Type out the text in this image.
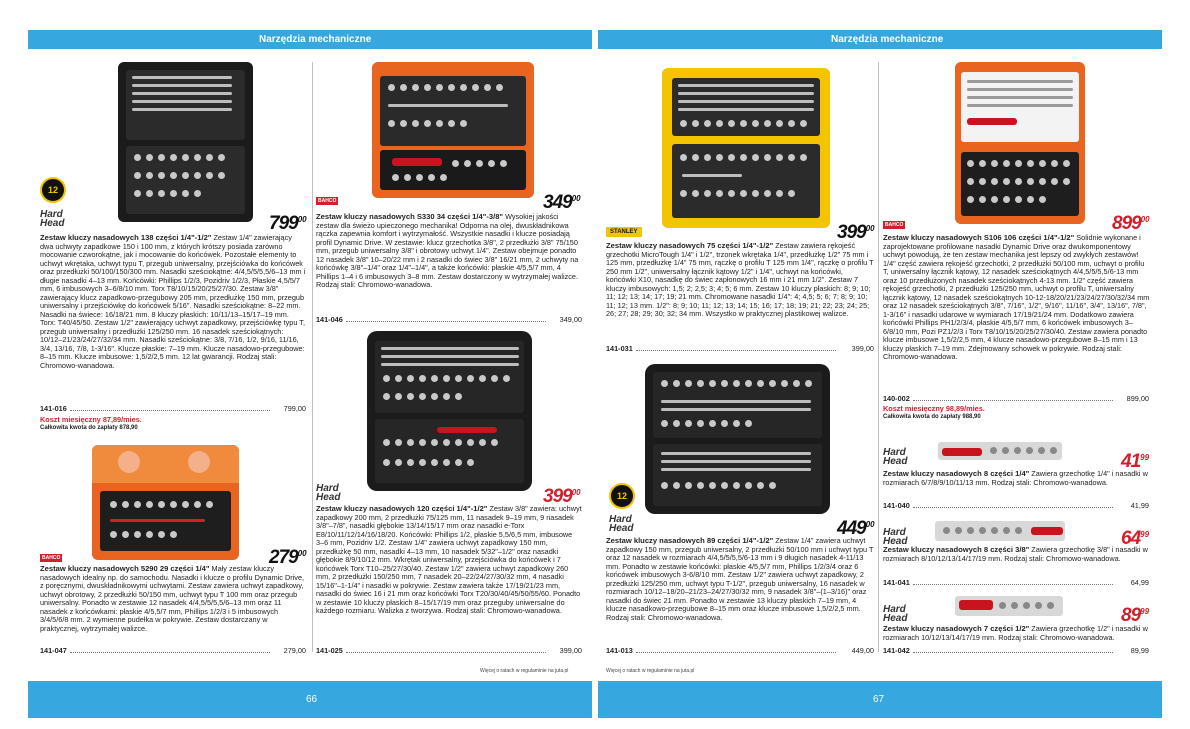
Narzędzia mechaniczne	Narzędzia mechaniczne
12
Hard Head	$799^{00}$
Zestaw kluczy nasadowych 138 części 1/4"-1/2" Zestaw 1/4" zawierający dwa uchwyty zapadkowe 150 i 100 mm, z których krótszy posiada zarówno mocowanie czworokątne, jak i mocowanie do końcówek. Pozostałe elementy to uchwyt wkrętaka, uchwyt typu T, przegub uniwersalny, przejściówka do końcówek oraz przedłużki 50/100/150/300 mm. Nasadki sześciokątne: 4/4,5/5/5,5/6–13 mm i długie nasadki 4–13 mm. Końcówki: Phillips 1/2/3, Pozidriv 1/2/3, Płaskie 4,5/5/7 mm, 6 imbusowych 3–6/8/10 mm. Torx T8/10/15/20/25/27/30. Zestaw 3/8" zawierający klucz zapadkowo-przegubowy 205 mm, przedłużkę 150 mm, przegub uniwersalny i przejściówkę do końcówek 5/16". Nasadki sześciokątne: 8–22 mm. Nasadki na świece: 16/18/21 mm. 8 kluczy płaskich: 10/11/13–15/17–19 mm. Torx: T40/45/50. Zestaw 1/2" zawierający uchwyt zapadkowy, przejściówkę typu T, przegub uniwersalny i przedłużki 125/250 mm. 16 nasadek sześciokątnych: 10/12–21/23/24/27/32/34 mm. Nasadki sześciokątne: 3/8, 7/16, 1/2, 9/16, 11/16, 3/4, 13/16, 7/8, 1-3/16". Klucze płaskie: 7–19 mm. Klucze nasadowo-przegubowe: 8–15 mm. Klucze imbusowe: 1,5/2/2,5 mm. 12 lat gwarancji. Rodzaj stali: Chromowo-wanadowa.
141-016	799,00
Koszt miesięczny 87,89/mies.
Całkowita kwota do zapłaty 878,90
BAHCO	$279^{00}$
Zestaw kluczy nasadowych 5290 29 części 1/4" Mały zestaw kluczy nasadowych idealny np. do samochodu. Nasadki i klucze o profilu Dynamic Drive, z poręcznymi, dwuskładnikowymi uchwytami. Zestaw zawiera uchwyt zapadkowy, uchwyt obrotowy, 2 przedłużki 50/150 mm, uchwyt typu T 100 mm oraz przegub uniwersalny. Ponadto w zestawie 12 nasadek 4/4,5/5/5,5/6–13 mm oraz 11 nasadek z końcówkami: płaskie 4/5,5/7 mm, Phillips 1/2/3 i 5 imbusowych 3/4/5/6/8 mm. 2 wymienne pudełka w pokrywie. Zestaw dostarczany w praktycznej, wytrzymałej walizce.
141-047	279,00
BAHCO	$349^{00}$
Zestaw kluczy nasadowych S330 34 części 1/4"-3/8" Wysokiej jakości zestaw dla świeżo upieczonego mechanika! Odporna na olej, dwuskładnikowa rączka zapewnia komfort i wytrzymałość. Wszystkie nasadki i klucze posiadają profil Dynamic Drive. W zestawie: klucz grzechotka 3/8", 2 przedłużki 3/8" 75/150 mm, przegub uniwersalny 3/8" i obrotowy uchwyt 1/4". Zestaw obejmuje ponadto 12 nasadek 3/8" 10–20/22 mm i 2 nasadki do świec 3/8" 16/21 mm, 2 uchwyty na końcówkę 3/8"–1/4" oraz 1/4"–1/4", a także końcówki: płaskie 4/5,5/7 mm, 4 Phillips 1–4 i 6 imbusowych 3–8 mm. Zestaw dostarczony w wytrzymałej walizce. Rodzaj stali: Chromowo-wanadowa.
141-046	349,00
Hard Head	$399^{00}$
Zestaw kluczy nasadowych 120 części 1/4"-1/2" Zestaw 3/8" zawiera: uchwyt zapadkowy 200 mm, 2 przedłużki 75/125 mm, 11 nasadek 9–19 mm, 9 nasadek 3/8"–7/8", nasadki głębokie 13/14/15/17 mm oraz nasadki e-Torx E8/10/11/12/14/16/18/20. Końcówki: Phillips 1/2, płaskie 5,5/6,5 mm, imbusowe 3–6 mm, Pozidriv 1/2. Zestaw 1/4" zawiera uchwyt zapadkowy 150 mm, przedłużkę 50 mm, nasadki 4–13 mm, 10 nasadek 5/32"–1/2" oraz nasadki głębokie 8/9/10/12 mm. Wkrętak uniwersalny, przejściówka do końcówek i 7 końcówek Torx T10–25/27/30/40. Zestaw 1/2" zawiera uchwyt zapadkowy 260 mm, 2 przedłużki 150/250 mm, 7 nasadek 20–22/24/27/30/32 mm, 4 nasadki 15/16"–1-1/4" i nasadki w pokrywie. Zestaw zawiera także 17/19/21/23 mm, nasadki do świec 16 i 21 mm oraz końcówki Torx T20/30/40/45/50/55/60. Ponadto w zestawie 10 kluczy płaskich 8–15/17/19 mm oraz przeguby uniwersalne do każdego rozmiaru. Walizka z tworzywa. Rodzaj stali: Chromowo-wanadowa.
141-025	399,00
Więcej o ratach w regulaminie na juta.pl
STANLEY	$399^{00}$
Zestaw kluczy nasadowych 75 części 1/4"-1/2" Zestaw zawiera rękojeść grzechotki MicroTough 1/4" i 1/2", trzonek wkrętaka 1/4", przedłużkę 1/2" 75 mm i 125 mm, przedłużkę 1/4" 75 mm, rączkę o profilu T 125 mm 1/4", rączkę o profilu T 250 mm 1/2", uniwersalny łącznik kątowy 1/2" i 1/4", uchwyt na końcówki, końcówki X10, nasadkę do świec zapłonowych 16 mm i 21 mm 1/2". Zestaw 7 kluczy imbusowych: 1,5; 2; 2,5; 3; 4; 5; 6 mm. Zestaw 10 kluczy płaskich: 8; 9; 10; 11; 12; 13; 14; 17; 19; 21 mm. Chromowane nasadki 1/4": 4; 4,5; 5; 6; 7; 8; 9; 10; 11; 12; 13 mm. 1/2": 8; 9; 10; 11; 12; 13; 14; 15; 16; 17; 18; 19; 21; 22; 23; 24; 25; 26; 27; 28; 29; 30; 32; 34 mm. Wszystko w praktycznej plastikowej walizce.
141-031	399,00
12
Hard Head	$449^{00}$
Zestaw kluczy nasadowych 89 części 1/4"-1/2" Zestaw 1/4" zawiera uchwyt zapadkowy 150 mm, przegub uniwersalny, 2 przedłużki 50/100 mm i uchwyt typu T oraz 12 nasadek w rozmiarach 4/4,5/5/5,5/6-13 mm i 9 długich nasadek 4-11/13 mm. Ponadto w zestawie końcówki: płaskie 4/5,5/7 mm, Phillips 1/2/3/4 oraz 6 końcówek imbusowych 3-6/8/10 mm. Zestaw 1/2" zawiera uchwyt zapadkowy, 2 przedłużki 125/250 mm, uchwyt typu T-1/2", przegub uniwersalny, 16 nasadek w rozmiarach 10/12–18/20–21/23–24/27/30/32 mm, 9 nasadek 3/8"–(1–3/16)" oraz nasadki do świec 21 mm. Ponadto w zestawie 13 kluczy płaskich 7–19 mm, 4 klucze nasadkowo-przegubowe 8–15 mm oraz klucze imbusowe 1,5/2/2,5 mm. Rodzaj stali: Chromowo-wanadowa.
141-013	449,00
Więcej o ratach w regulaminie na juta.pl
BAHCO	$899^{00}$
Zestaw kluczy nasadowych S106 106 części 1/4"-1/2" Solidnie wykonane i zaprojektowane profilowane nasadki Dynamic Drive oraz dwukomponentowy uchwyt powodują, że ten zestaw mechanika jest lepszy od zwykłych zestawów! 1/4" część zawiera rękojeść grzechotki, 2 przedłużki 50/100 mm, uchwyt o profilu T, uniwersalny łącznik kątowy, 12 nasadek sześciokątnych 4/4,5/5/5,5/6-13 mm oraz 10 przedłużonych nasadek sześciokątnych 4-13 mm. 1/2" część zawiera rękojeść grzechotki, 2 przedłużki 125/250 mm, uchwyt o profilu T, uniwersalny łącznik kątowy, 12 nasadek sześciokątnych 10-12-18/20/21/23/24/27/30/32/34 mm oraz 12 nasadek sześciokątnych 3/8", 7/16", 1/2", 9/16", 11/16", 3/4", 13/16", 7/8", 1-3/16" i nasadki udarowe w wymiarach 17/19/21/24 mm. Dodatkowo zawiera końcówki Phillips PH1/2/3/4, płaskie 4/5,5/7 mm, 6 końcówek imbusowych 3–6/8/10 mm, Pozi PZ1/2/3 i Torx T8/10/15/20/25/27/30/40. Zestaw zawiera ponadto klucze imbusowe 1,5/2/2,5 mm, 4 klucze nasadowo-przegubowe 8–15 mm i 13 kluczy płaskich 7–19 mm. Zdejmowany schowek w pokrywie. Rodzaj stali: Chromowo-wanadowa.
140-002	899,00
Koszt miesięczny 98,89/mies.
Całkowita kwota do zapłaty 988,90
Hard Head	$41^{99}$
Zestaw kluczy nasadowych 8 części 1/4" Zawiera grzechotkę 1/4" i nasadki w rozmiarach 6/7/8/9/10/11/13 mm. Rodzaj stali: Chromowo-wanadowa.
141-040	41,99
Hard Head	$64^{99}$
Zestaw kluczy nasadowych 8 części 3/8" Zawiera grzechotkę 3/8" i nasadki w rozmiarach 8/10/12/13/14/17/19 mm. Rodzaj stali: Chromowo-wanadowa.
141-041	64,99
Hard Head	$89^{99}$
Zestaw kluczy nasadowych 7 części 1/2" Zawiera grzechotkę 1/2" i nasadki w rozmiarach 10/12/13/14/17/19 mm. Rodzaj stali: Chromowo-wanadowa.
141-042	89,99
66	67
